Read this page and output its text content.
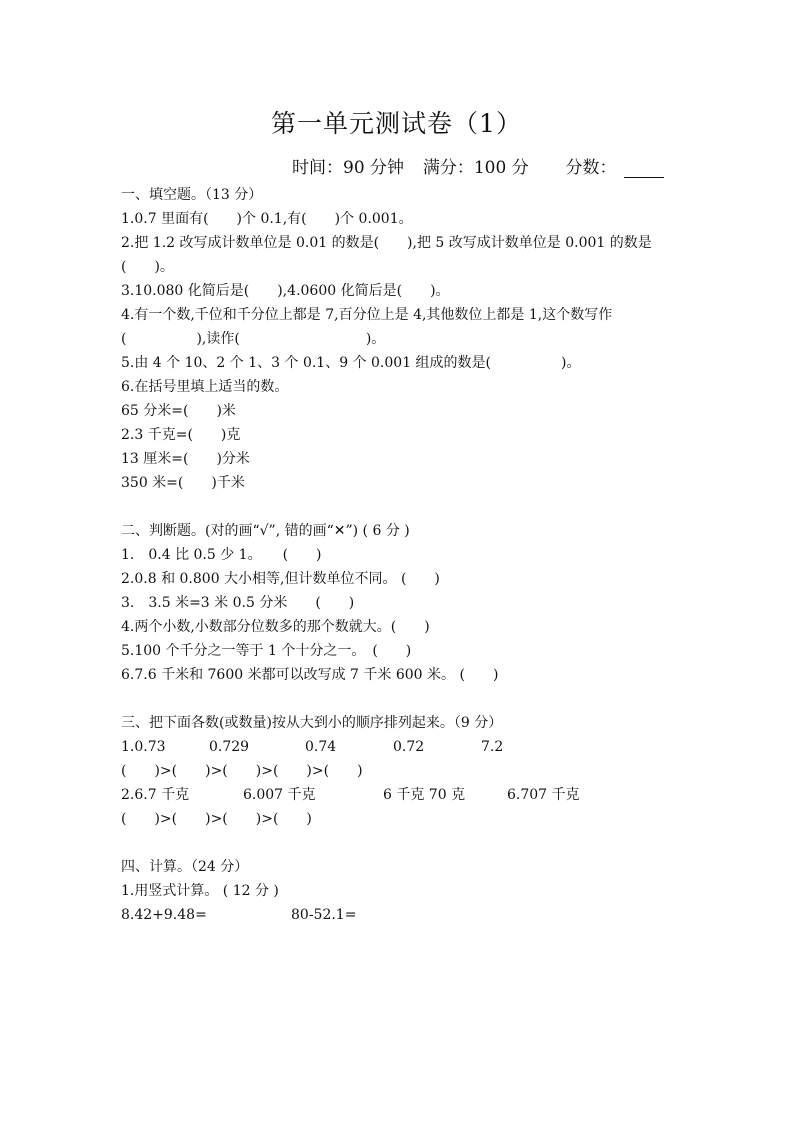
第一单元测试卷（1）
时间：90 分钟 满分：100 分 分数：

一、填空题。（13 分）

1.0.7 里面有(　　)个 0.1,有(　　)个 0.001。

2.把 1.2 改写成计数单位是 0.01 的数是(　　),把 5 改写成计数单位是 0.001 的数是(　　)。

3.10.080 化简后是(　　),4.0600 化简后是(　　)。

4.有一个数,千位和千分位上都是 7,百分位上是 4,其他数位上都是 1,这个数写作(　　　　　),读作(　　　　　　　　　)。

5.由 4 个 10、2 个 1、3 个 0.1、9 个 0.001 组成的数是(　　　　　)。

6.在括号里填上适当的数。

65 分米=(　　)米

2.3 千克=(　　)克

13 厘米=(　　)分米

350 米=(　　)千米

二、判断题。(对的画“√”, 错的画“✕”) ( 6 分 )

1.　0.4 比 0.5 少 1。　　(　　)

2.0.8 和 0.800 大小相等,但计数单位不同。 (　　)

3.　3.5 米=3 米 0.5 分米　　(　　)

4.两个小数,小数部分位数多的那个数就大。(　　)

5.100 个千分之一等于 1 个十分之一。　(　　)

6.7.6 千米和 7600 米都可以改写成 7 千米 600 米。 (　　)

三、把下面各数(或数量)按从大到小的顺序排列起来。（9 分）

1.0.73	0.729	0.74	0.72	7.2

(　　)>(　　)>(　　)>(　　)>(　　)

2.6.7 千克	6.007 千克	6 千克 70 克	6.707 千克

(　　)>(　　)>(　　)>(　　)

四、计算。（24 分）

1.用竖式计算。 ( 12 分 )

8.42+9.48=	80-52.1=
